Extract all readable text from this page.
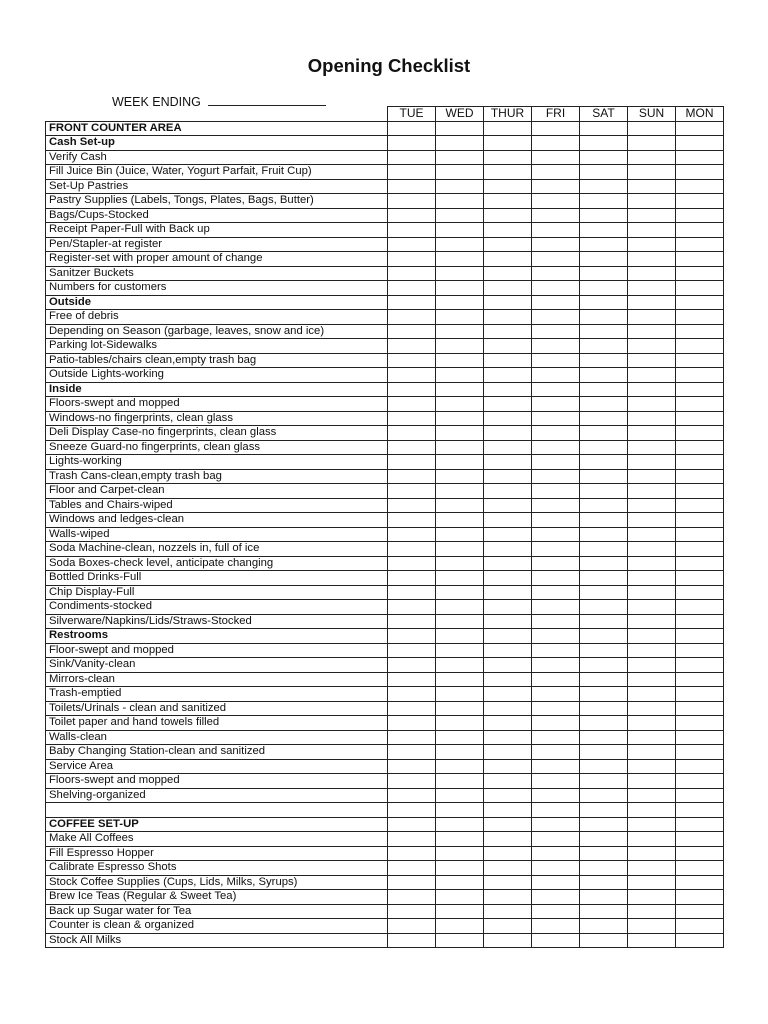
Opening Checklist
WEEK ENDING
	TUE	WED	THUR	FRI	SAT	SUN	MON
FRONT COUNTER AREA							
Cash Set-up							
Verify Cash							
Fill Juice Bin (Juice, Water, Yogurt Parfait, Fruit Cup)							
Set-Up Pastries							
Pastry Supplies (Labels, Tongs, Plates, Bags, Butter)							
Bags/Cups-Stocked							
Receipt Paper-Full with Back up							
Pen/Stapler-at register							
Register-set with proper amount of change							
Sanitzer Buckets							
Numbers for customers							
Outside							
Free of debris							
Depending on Season (garbage, leaves, snow and ice)							
Parking lot-Sidewalks							
Patio-tables/chairs clean,empty trash bag							
Outside Lights-working							
Inside							
Floors-swept and mopped							
Windows-no fingerprints, clean glass							
Deli Display Case-no fingerprints, clean glass							
Sneeze Guard-no fingerprints, clean glass							
Lights-working							
Trash Cans-clean,empty trash bag							
Floor and Carpet-clean							
Tables and Chairs-wiped							
Windows and ledges-clean							
Walls-wiped							
Soda Machine-clean, nozzels in, full of ice							
Soda Boxes-check level, anticipate changing							
Bottled Drinks-Full							
Chip Display-Full							
Condiments-stocked							
Silverware/Napkins/Lids/Straws-Stocked							
Restrooms							
Floor-swept and mopped							
Sink/Vanity-clean							
Mirrors-clean							
Trash-emptied							
Toilets/Urinals - clean and sanitized							
Toilet paper and hand towels filled							
Walls-clean							
Baby Changing Station-clean and sanitized							
Service Area							
Floors-swept and mopped							
Shelving-organized							

COFFEE SET-UP							
Make All Coffees							
Fill Espresso Hopper							
Calibrate Espresso Shots							
Stock Coffee Supplies (Cups, Lids, Milks, Syrups)							
Brew Ice Teas (Regular & Sweet Tea)							
Back up Sugar water for Tea							
Counter is clean & organized							
Stock All Milks							
